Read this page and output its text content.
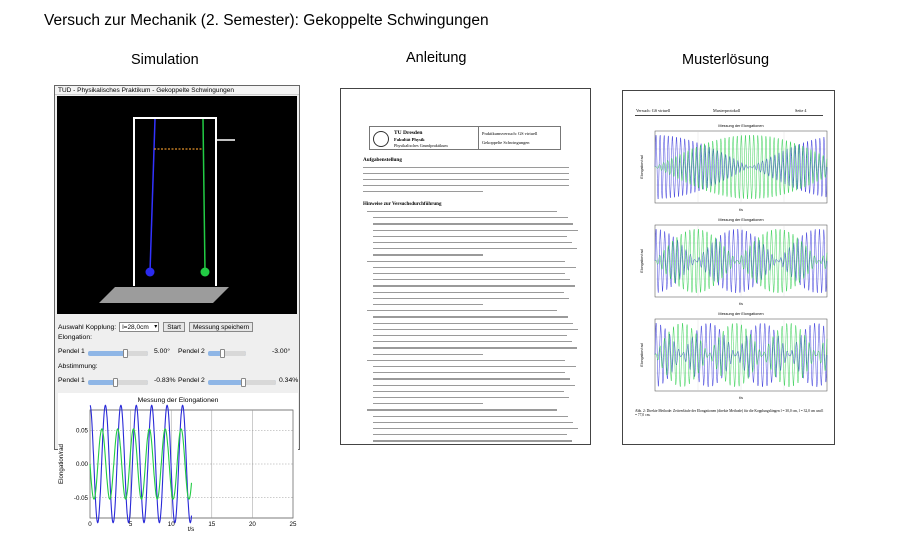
Versuch zur Mechanik (2. Semester): Gekoppelte Schwingungen
Simulation	Anleitung	Musterlösung
TUD - Physikalisches Praktikum - Gekoppelte Schwingungen
Auswahl Kopplung: l=28,0cm ▾	Start	Messung speichern
Elongation:
Pendel 1	5.00° Pendel 2	-3.00°
Abstimmung:
Pendel 1	-0.83% Pendel 2	0.34%
Messung der Elongationen
0	5	10	15	20	25
0.05
0.00
-0.05
Elongation/rad
t/s
TU Dresden
Fakultät Physik
Physikalisches Grundpraktikum
Praktikumsversuch: GS virtuell
Gekoppelte Schwingungen
Aufgabenstellung
Hinweise zur Versuchsdurchführung
Versuch: GS virtuell	Musterprotokoll	Seite 4
Messung der Elongationen
Elongation/rad
t/s
Messung der Elongationen
Elongation/rad
t/s
Messung der Elongationen
Elongation/rad
t/s
Abb. 2: Direkte Methode: Zeitverläufe der Elongationen (direkte Methode) für die Kopplungslängen l = 30,0 cm, l = 32,0 cm und l = 77,0 cm.
